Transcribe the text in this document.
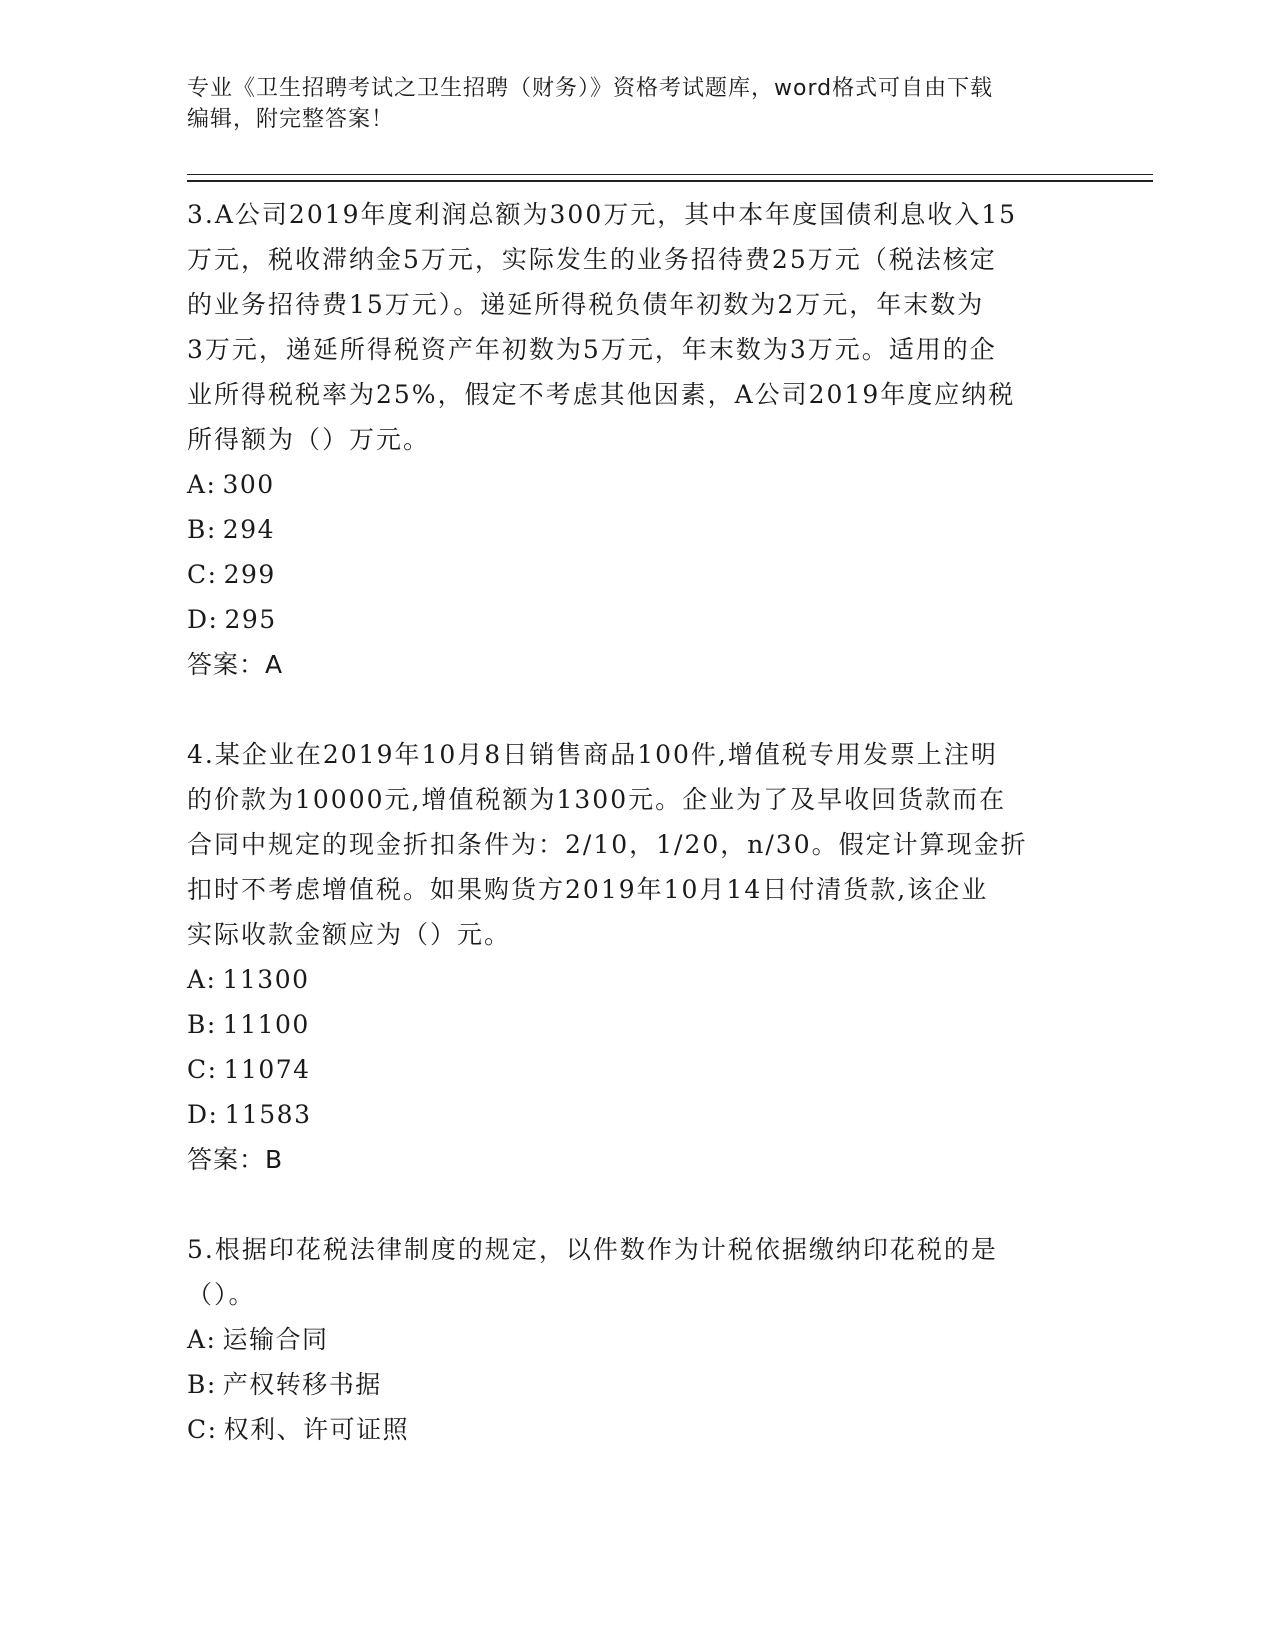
专业《卫生招聘考试之卫生招聘（财务）》资格考试题库，word格式可自由下载
编辑，附完整答案！

3.A公司2019年度利润总额为300万元，其中本年度国债利息收入15

万元，税收滞纳金5万元，实际发生的业务招待费25万元（税法核定

的业务招待费15万元）。递延所得税负债年初数为2万元，年末数为

3万元，递延所得税资产年初数为5万元，年末数为3万元。适用的企

业所得税税率为25%，假定不考虑其他因素，A公司2019年度应纳税

所得额为（）万元。

A: 300

B: 294

C: 299

D: 295

答案：A

4.某企业在2019年10月8日销售商品100件,增值税专用发票上注明

的价款为10000元,增值税额为1300元。企业为了及早收回货款而在

合同中规定的现金折扣条件为：2/10，1/20，n/30。假定计算现金折

扣时不考虑增值税。如果购货方2019年10月14日付清货款,该企业

实际收款金额应为（）元。

A: 11300

B: 11100

C: 11074

D: 11583

答案：B

5.根据印花税法律制度的规定，以件数作为计税依据缴纳印花税的是

（）。

A: 运输合同

B: 产权转移书据

C: 权利、许可证照
